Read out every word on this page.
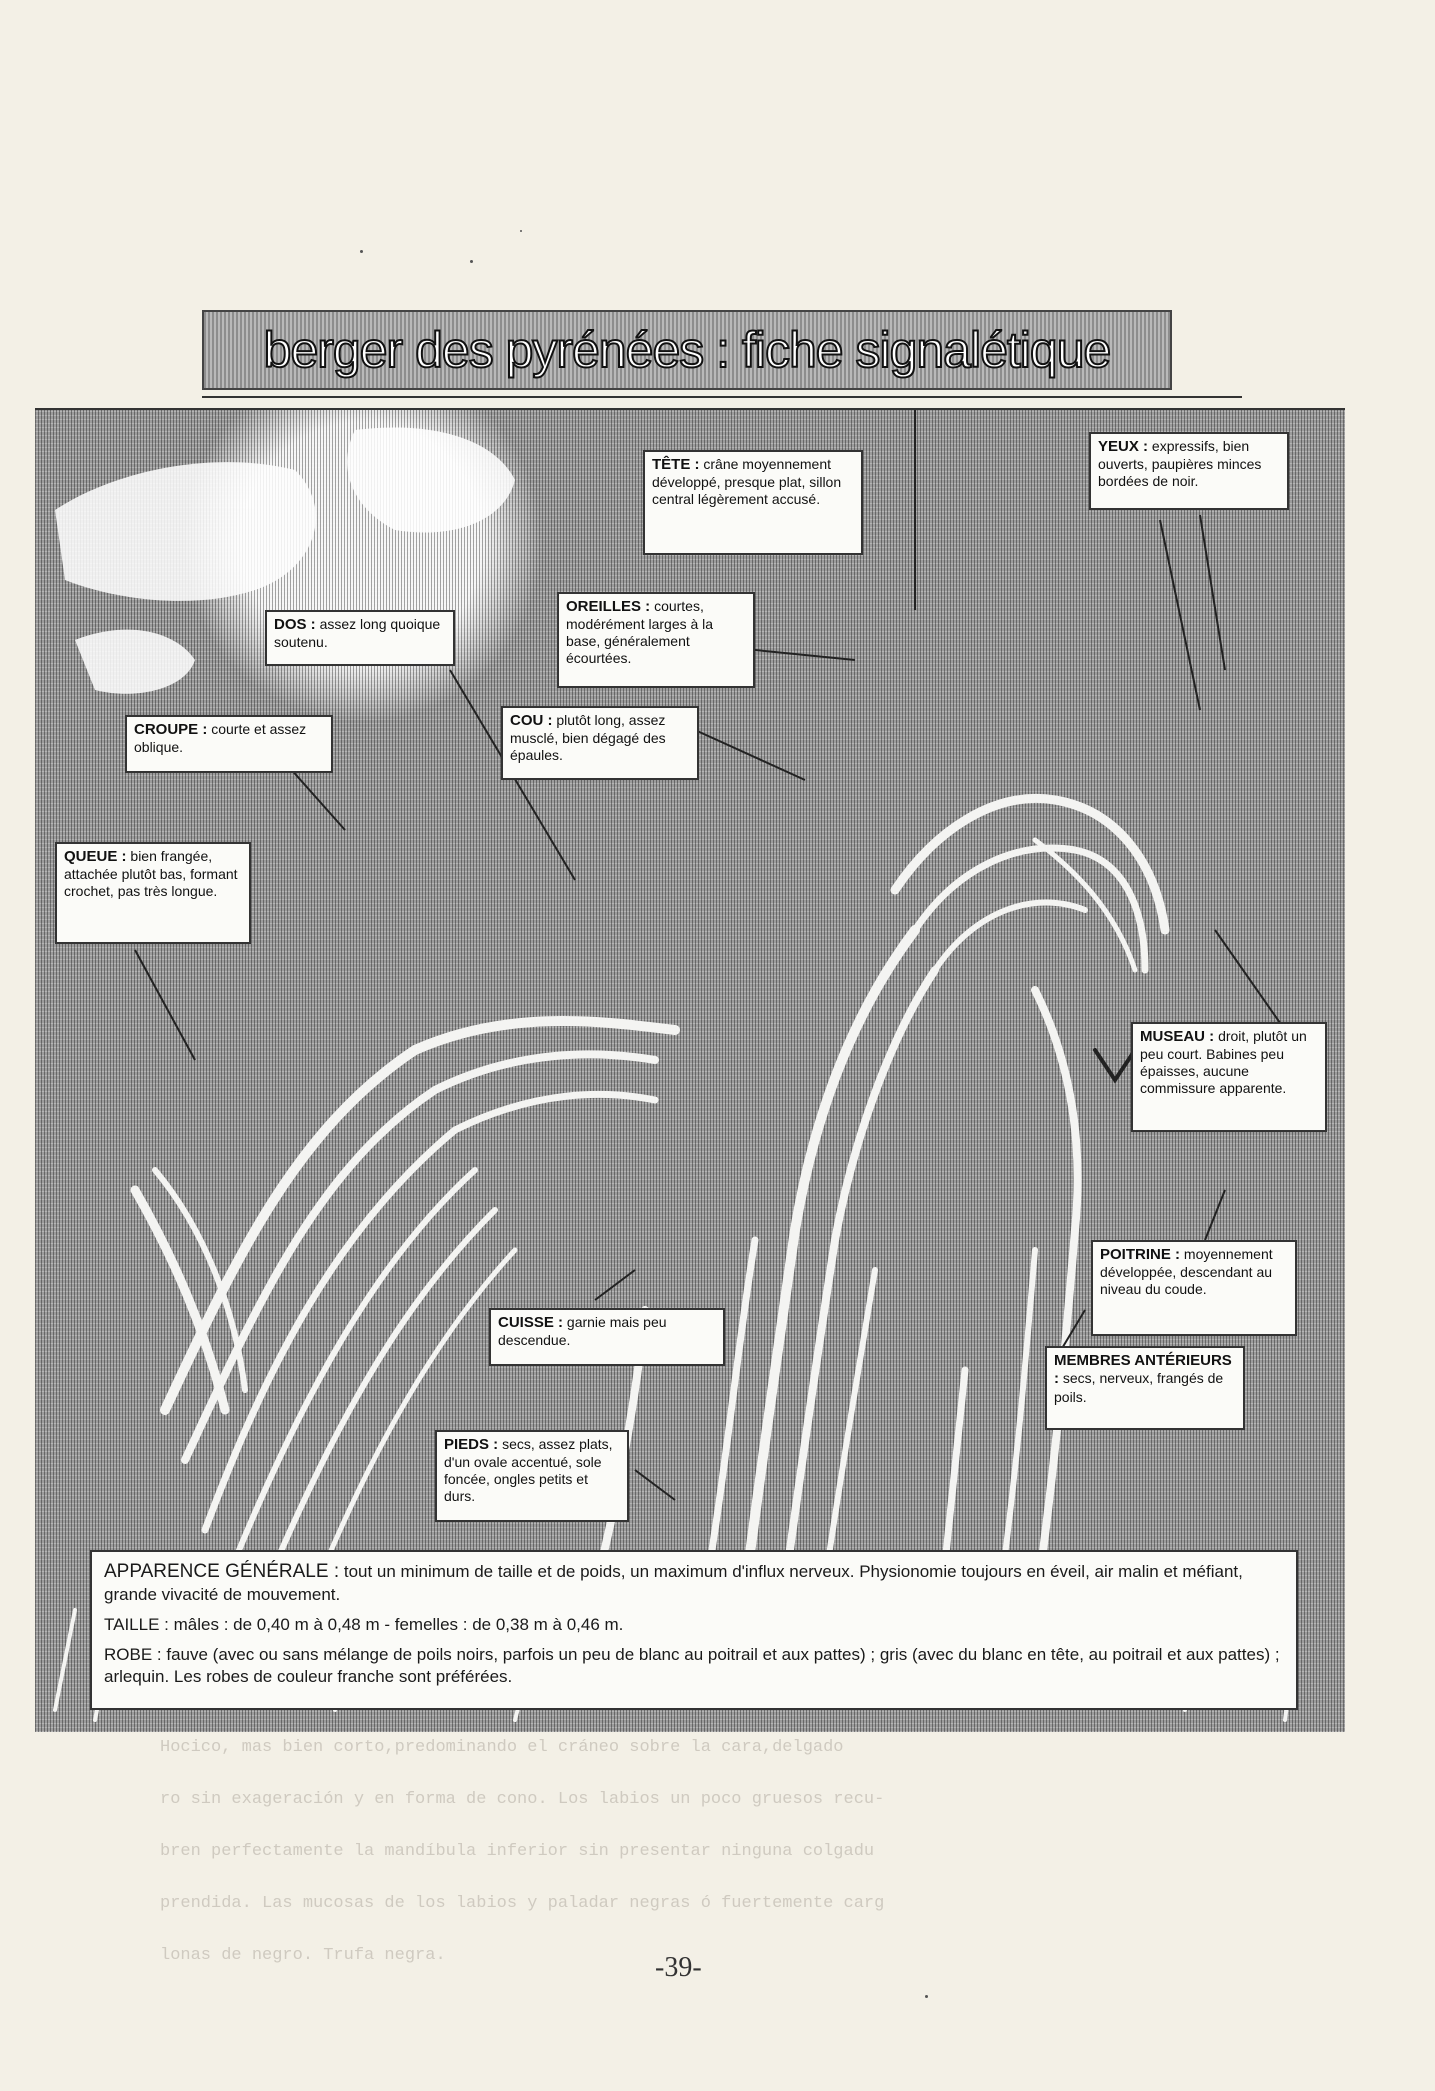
berger des pyrénées : fiche signalétique
TÊTE : crâne moyennement développé, presque plat, sillon central légèrement accusé.
YEUX : expressifs, bien ouverts, paupières minces bordées de noir.
DOS : assez long quoique soutenu.
OREILLES : courtes, modérément larges à la base, généralement écourtées.
CROUPE : courte et assez oblique.
COU : plutôt long, assez musclé, bien dégagé des épaules.
QUEUE : bien frangée, attachée plutôt bas, formant crochet, pas très longue.
MUSEAU : droit, plutôt un peu court. Babines peu épaisses, aucune commissure apparente.
POITRINE : moyennement développée, descendant au niveau du coude.
CUISSE : garnie mais peu descendue.
MEMBRES ANTÉRIEURS : secs, nerveux, frangés de poils.
PIEDS : secs, assez plats, d'un ovale accentué, sole foncée, ongles petits et durs.

APPARENCE GÉNÉRALE : tout un minimum de taille et de poids, un maximum d'influx nerveux. Physionomie toujours en éveil, air malin et méfiant, grande vivacité de mouvement.

TAILLE : mâles : de 0,40 m à 0,48 m - femelles : de 0,38 m à 0,46 m.

ROBE : fauve (avec ou sans mélange de poils noirs, parfois un peu de blanc au poitrail et aux pattes) ; gris (avec du blanc en tête, au poitrail et aux pattes) ; arlequin. Les robes de couleur franche sont préférées.

Hocico, mas bien corto,predominando el cráneo sobre la cara,delgado
ro sin exageración y en forma de cono. Los labios un poco gruesos recu-
bren perfectamente la mandíbula inferior sin presentar ninguna colgadu
prendida. Las mucosas de los labios y paladar negras ó fuertemente carg
lonas de negro. Trufa negra.	-39-
